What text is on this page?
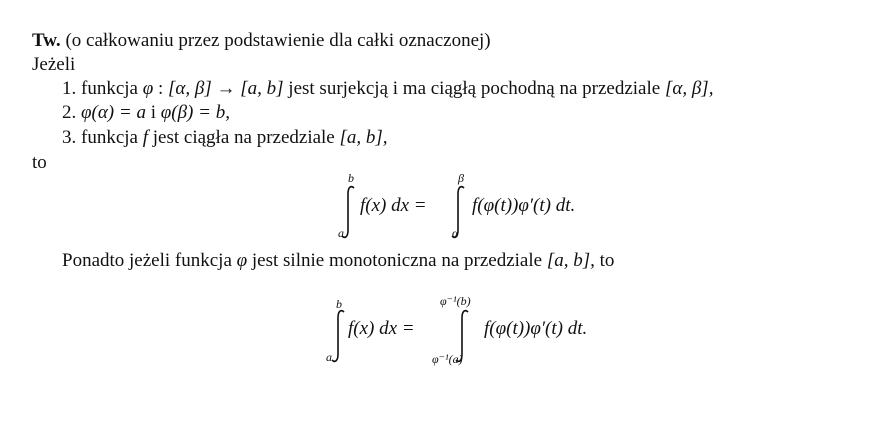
Tw. (o całkowaniu przez podstawienie dla całki oznaczonej)
Jeżeli
1. funkcja φ : [α, β] → [a, b] jest surjekcją i ma ciągłą pochodną na przedziale [α, β],
2. φ(α) = a i φ(β) = b,
3. funkcja f jest ciągła na przedziale [a, b],
to
b
a
f(x) dx =
β
α
f(φ(t))φ′(t) dt.
Ponadto jeżeli funkcja φ jest silnie monotoniczna na przedziale [a, b], to
b
a
f(x) dx =
φ⁻¹(b)
φ⁻¹(a)
f(φ(t))φ′(t) dt.
